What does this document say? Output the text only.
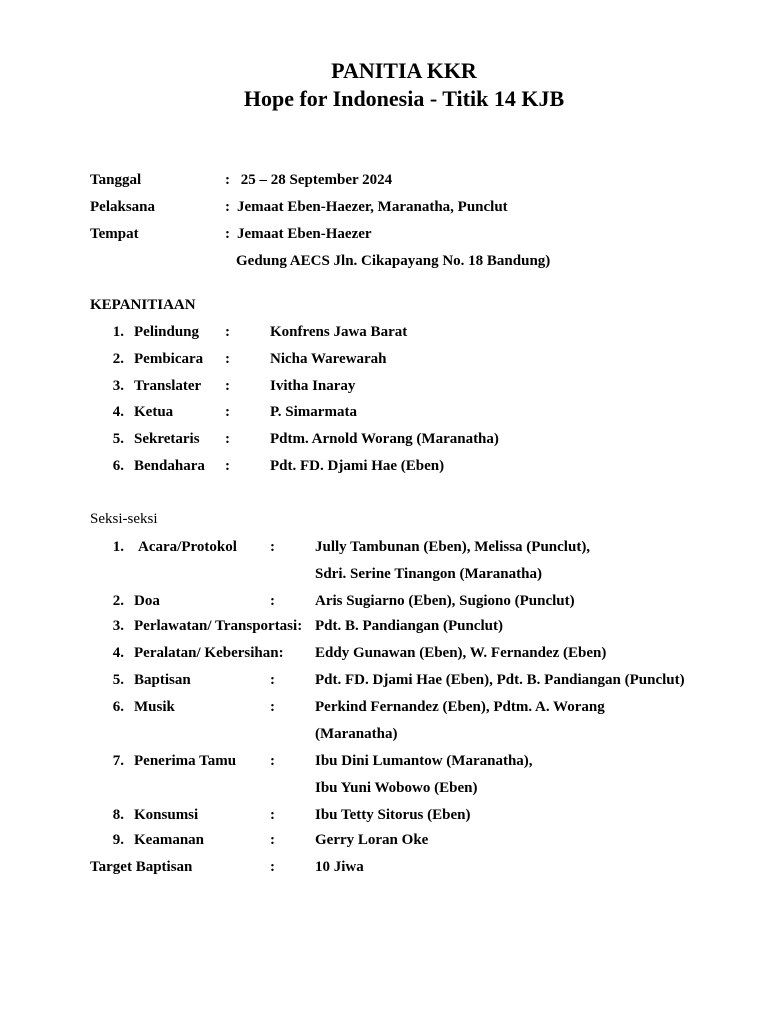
PANITIA KKR
Hope for Indonesia - Titik 14 KJB
Tanggal	: 25 – 28 September 2024
Pelaksana	: Jemaat Eben-Haezer, Maranatha, Punclut
Tempat	: Jemaat Eben-Haezer
Gedung AECS Jln. Cikapayang No. 18 Bandung)
KEPANITIAAN
1. Pelindung :	Konfrens Jawa Barat
2. Pembicara :	Nicha Warewarah
3. Translater :	Ivitha Inaray
4. Ketua	:	P. Simarmata
5. Sekretaris :	Pdtm. Arnold Worang (Maranatha)
6. Bendahara :	Pdt. FD. Djami Hae (Eben)
Seksi-seksi
1. Acara/Protokol :	Jully Tambunan (Eben), Melissa (Punclut),
Sdri. Serine Tinangon (Maranatha)
2. Doa	:	Aris Sugiarno (Eben), Sugiono (Punclut)
3. Perlawatan/ Transportasi: Pdt. B. Pandiangan (Punclut)
4. Peralatan/ Kebersihan: Eddy Gunawan (Eben), W. Fernandez (Eben)
5. Baptisan	:	Pdt. FD. Djami Hae (Eben), Pdt. B. Pandiangan (Punclut)
6. Musik	:	Perkind Fernandez (Eben), Pdtm. A. Worang
(Maranatha)
7. Penerima Tamu :	Ibu Dini Lumantow (Maranatha),
Ibu Yuni Wobowo (Eben)
8. Konsumsi	:	Ibu Tetty Sitorus (Eben)
9. Keamanan	:	Gerry Loran Oke
Target Baptisan	:	10 Jiwa
